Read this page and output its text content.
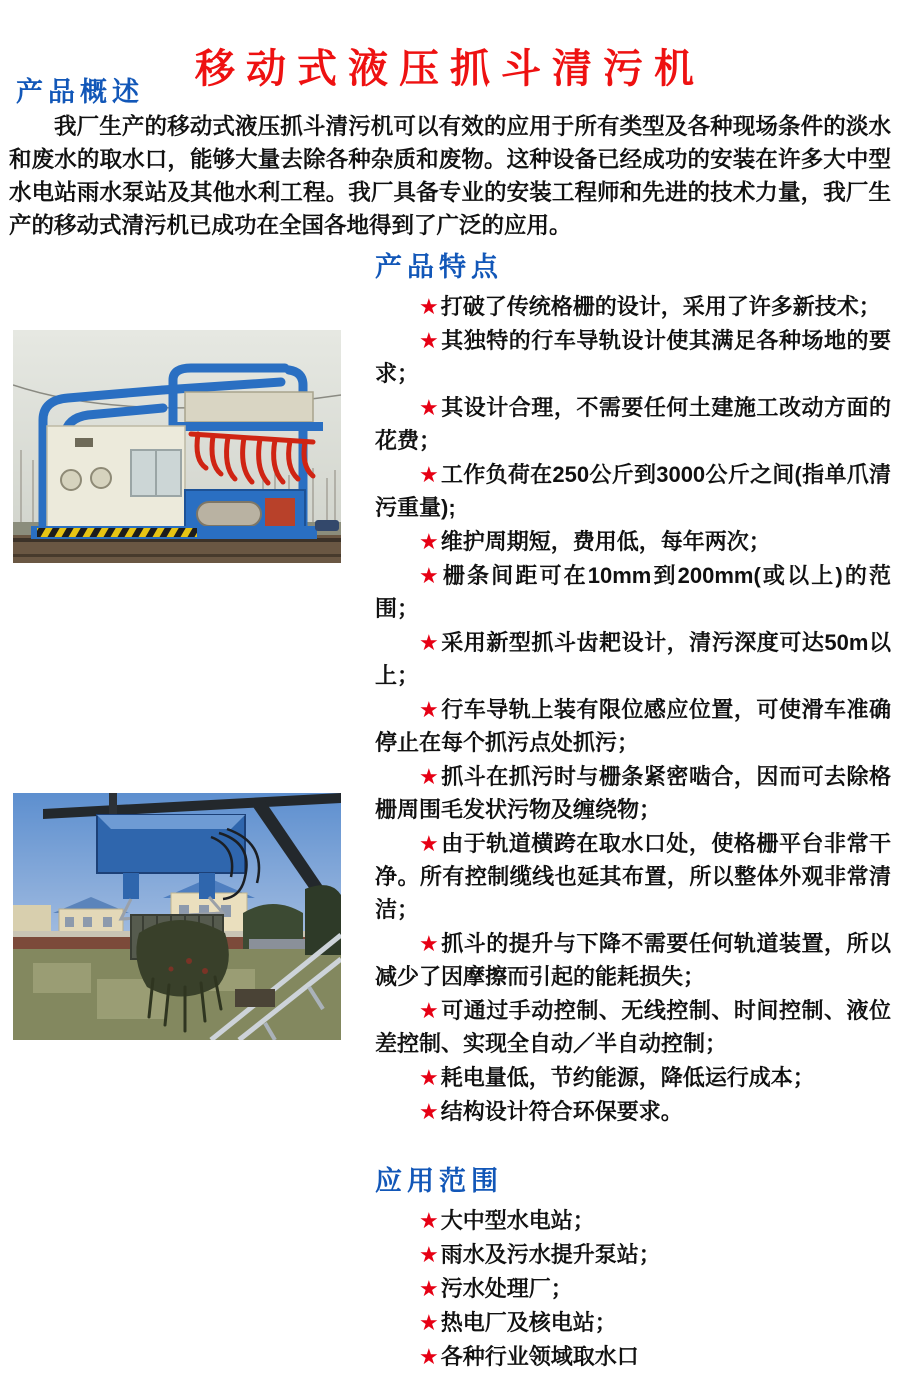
移动式液压抓斗清污机
产品概述

我厂生产的移动式液压抓斗清污机可以有效的应用于所有类型及各种现场条件的淡水和废水的取水口，能够大量去除各种杂质和废物。这种设备已经成功的安装在许多大中型水电站雨水泵站及其他水利工程。我厂具备专业的安装工程师和先进的技术力量，我厂生产的移动式清污机已成功在全国各地得到了广泛的应用。

产品特点
★打破了传统格栅的设计，采用了许多新技术；
★其独特的行车导轨设计使其满足各种场地的要求；
★其设计合理，不需要任何土建施工改动方面的花费；
★工作负荷在250公斤到3000公斤之间(指单爪清污重量);
★维护周期短，费用低，每年两次；
★栅条间距可在10mm到200mm(或以上)的范围；
★采用新型抓斗齿耙设计，清污深度可达50m以上；
★行车导轨上装有限位感应位置，可使滑车准确停止在每个抓污点处抓污；
★抓斗在抓污时与栅条紧密啮合，因而可去除格栅周围毛发状污物及缠绕物；
★由于轨道横跨在取水口处，使格栅平台非常干净。所有控制缆线也延其布置，所以整体外观非常清洁；
★抓斗的提升与下降不需要任何轨道装置，所以减少了因摩擦而引起的能耗损失；
★可通过手动控制、无线控制、时间控制、液位差控制、实现全自动／半自动控制；
★耗电量低，节约能源，降低运行成本；
★结构设计符合环保要求。
应用范围
★大中型水电站；
★雨水及污水提升泵站；
★污水处理厂；
★热电厂及核电站；
★各种行业领域取水口
